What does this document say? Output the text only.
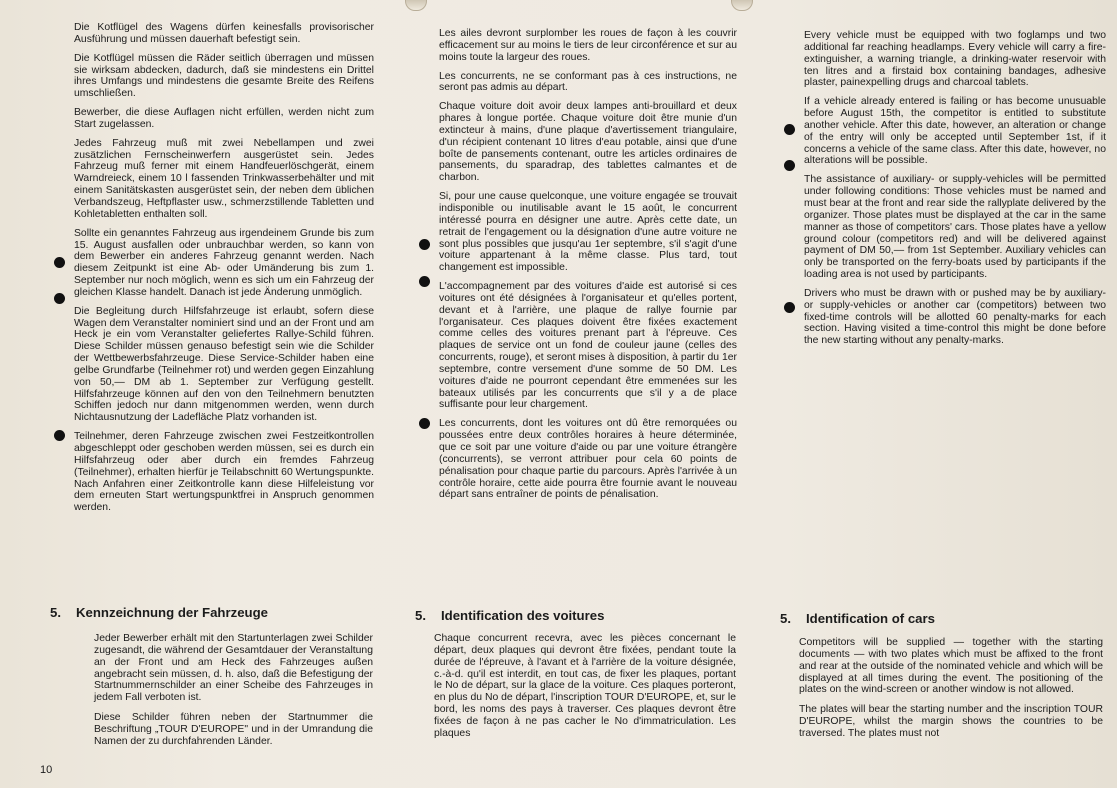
Die Kotflügel des Wagens dürfen keinesfalls provisorischer Ausführung und müssen dauerhaft befestigt sein.

Die Kotflügel müssen die Räder seitlich überragen und müssen sie wirksam abdecken, dadurch, daß sie mindestens ein Drittel ihres Umfangs und mindestens die gesamte Breite des Reifens umschließen.

Bewerber, die diese Auflagen nicht erfüllen, werden nicht zum Start zugelassen.

Jedes Fahrzeug muß mit zwei Nebellampen und zwei zusätzlichen Fernscheinwerfern ausgerüstet sein. Jedes Fahrzeug muß ferner mit einem Handfeuerlöschgerät, einem Warndreieck, einem 10 l fassenden Trinkwasserbehälter und mit einem Sanitätskasten ausgerüstet sein, der neben dem üblichen Verbandszeug, Heftpflaster usw., schmerzstillende Tabletten und Kohletabletten enthalten soll.

Sollte ein genanntes Fahrzeug aus irgendeinem Grunde bis zum 15. August ausfallen oder unbrauchbar werden, so kann von dem Bewerber ein anderes Fahrzeug genannt werden. Nach diesem Zeitpunkt ist eine Ab- oder Umänderung bis zum 1. September nur noch möglich, wenn es sich um ein Fahrzeug der gleichen Klasse handelt. Danach ist jede Änderung unmöglich.

Die Begleitung durch Hilfsfahrzeuge ist erlaubt, sofern diese Wagen dem Veranstalter nominiert sind und an der Front und am Heck je ein vom Veranstalter geliefertes Rallye-Schild führen. Diese Schilder müssen genauso befestigt sein wie die Schilder der Wettbewerbsfahrzeuge. Diese Service-Schilder haben eine gelbe Grundfarbe (Teilnehmer rot) und werden gegen Einzahlung von 50,— DM ab 1. September zur Verfügung gestellt. Hilfsfahrzeuge können auf den von den Teilnehmern benutzten Schiffen jedoch nur dann mitgenommen werden, wenn durch Nichtausnutzung der Ladefläche Platz vorhanden ist.

Teilnehmer, deren Fahrzeuge zwischen zwei Festzeitkontrollen abgeschleppt oder geschoben werden müssen, sei es durch ein Hilfsfahrzeug oder aber durch ein fremdes Fahrzeug (Teilnehmer), erhalten hierfür je Teilabschnitt 60 Wertungspunkte. Nach Anfahren einer Zeitkontrolle kann diese Hilfeleistung vor dem erneuten Start wertungspunktfrei in Anspruch genommen werden.

Les ailes devront surplomber les roues de façon à les couvrir efficacement sur au moins le tiers de leur circonférence et sur au moins toute la largeur des roues.

Les concurrents, ne se conformant pas à ces instructions, ne seront pas admis au départ.

Chaque voiture doit avoir deux lampes anti-brouillard et deux phares à longue portée. Chaque voiture doit être munie d'un extincteur à mains, d'une plaque d'avertissement triangulaire, d'un récipient contenant 10 litres d'eau potable, ainsi que d'une boîte de pansements contenant, outre les articles ordinaires de pansements, du sparadrap, des tablettes calmantes et de charbon.

Si, pour une cause quelconque, une voiture engagée se trouvait indisponible ou inutilisable avant le 15 août, le concurrent intéressé pourra en désigner une autre. Après cette date, un retrait de l'engagement ou la désignation d'une autre voiture ne sont plus possibles que jusqu'au 1er septembre, s'il s'agit d'une voiture appartenant à la même classe. Plus tard, tout changement est impossible.

L'accompagnement par des voitures d'aide est autorisé si ces voitures ont été désignées à l'organisateur et qu'elles portent, devant et à l'arrière, une plaque de rallye fournie par l'organisateur. Ces plaques doivent être fixées exactement comme celles des voitures prenant part à l'épreuve. Ces plaques de service ont un fond de couleur jaune (celles des concurrents, rouge), et seront mises à disposition, à partir du 1er septembre, contre versement d'une somme de 50 DM. Les voitures d'aide ne pourront cependant être emmenées sur les bateaux utilisés par les concurrents que s'il y a de place suffisante pour leur chargement.

Les concurrents, dont les voitures ont dû être remorquées ou poussées entre deux contrôles horaires à heure déterminée, que ce soit par une voiture d'aide ou par une voiture étrangère (concurrents), se verront attribuer pour cela 60 points de pénalisation pour chaque partie du parcours. Après l'arrivée à un contrôle horaire, cette aide pourra être fournie avant le nouveau départ sans entraîner de points de pénalisation.

Every vehicle must be equipped with two foglamps und two additional far reaching headlamps. Every vehicle will carry a fire-extinguisher, a warning triangle, a drinking-water reservoir with ten litres and a firstaid box containing bandages, adhesive plaster, painexpelling drugs and charcoal tablets.

If a vehicle already entered is failing or has become unusuable before August 15th, the competitor is entitled to substitute another vehicle. After this date, however, an alteration or change of the entry will only be accepted until September 1st, if it concerns a vehicle of the same class. After this date, however, no alterations will be possible.

The assistance of auxiliary- or supply-vehicles will be permitted under following conditions: Those vehicles must be named and must bear at the front and rear side the rallyplate delivered by the organizer. Those plates must be displayed at the car in the same manner as those of competitors' cars. Those plates have a yellow ground colour (competitors red) and will be delivered against payment of DM 50,— from 1st September. Auxiliary vehicles can only be transported on the ferry-boats used by participants if the loading area is not used by participants.

Drivers who must be drawn with or pushed may be by auxiliary- or supply-vehicles or another car (competitors) between two fixed-time controls will be allotted 60 penalty-marks for each section. Having visited a time-control this might be done before the new starting without any penalty-marks.

5. Kennzeichnung der Fahrzeuge	5. Identification des voitures	5. Identification of cars

Jeder Bewerber erhält mit den Startunterlagen zwei Schilder zugesandt, die während der Gesamtdauer der Veranstaltung an der Front und am Heck des Fahrzeuges außen angebracht sein müssen, d. h. also, daß die Befestigung der Startnummernschilder an einer Scheibe des Fahrzeuges in jedem Fall verboten ist.

Diese Schilder führen neben der Startnummer die Beschriftung „TOUR D'EUROPE" und in der Umrandung die Namen der zu durchfahrenden Länder.

Chaque concurrent recevra, avec les pièces concernant le départ, deux plaques qui devront être fixées, pendant toute la durée de l'épreuve, à l'avant et à l'arrière de la voiture désignée, c.-à-d. qu'il est interdit, en tout cas, de fixer les plaques, portant le No de départ, sur la glace de la voiture. Ces plaques porteront, en plus du No de départ, l'inscription TOUR D'EUROPE, et, sur le bord, les noms des pays à traverser. Ces plaques devront être fixées de façon à ne pas cacher le No d'immatriculation. Les plaques

Competitors will be supplied — together with the starting documents — with two plates which must be affixed to the front and rear at the outside of the nominated vehicle and which will be displayed at all times during the event. The positioning of the plates on the wind-screen or another window is not allowed.

The plates will bear the starting number and the inscription TOUR D'EUROPE, whilst the margin shows the countries to be traversed. The plates must not

10
